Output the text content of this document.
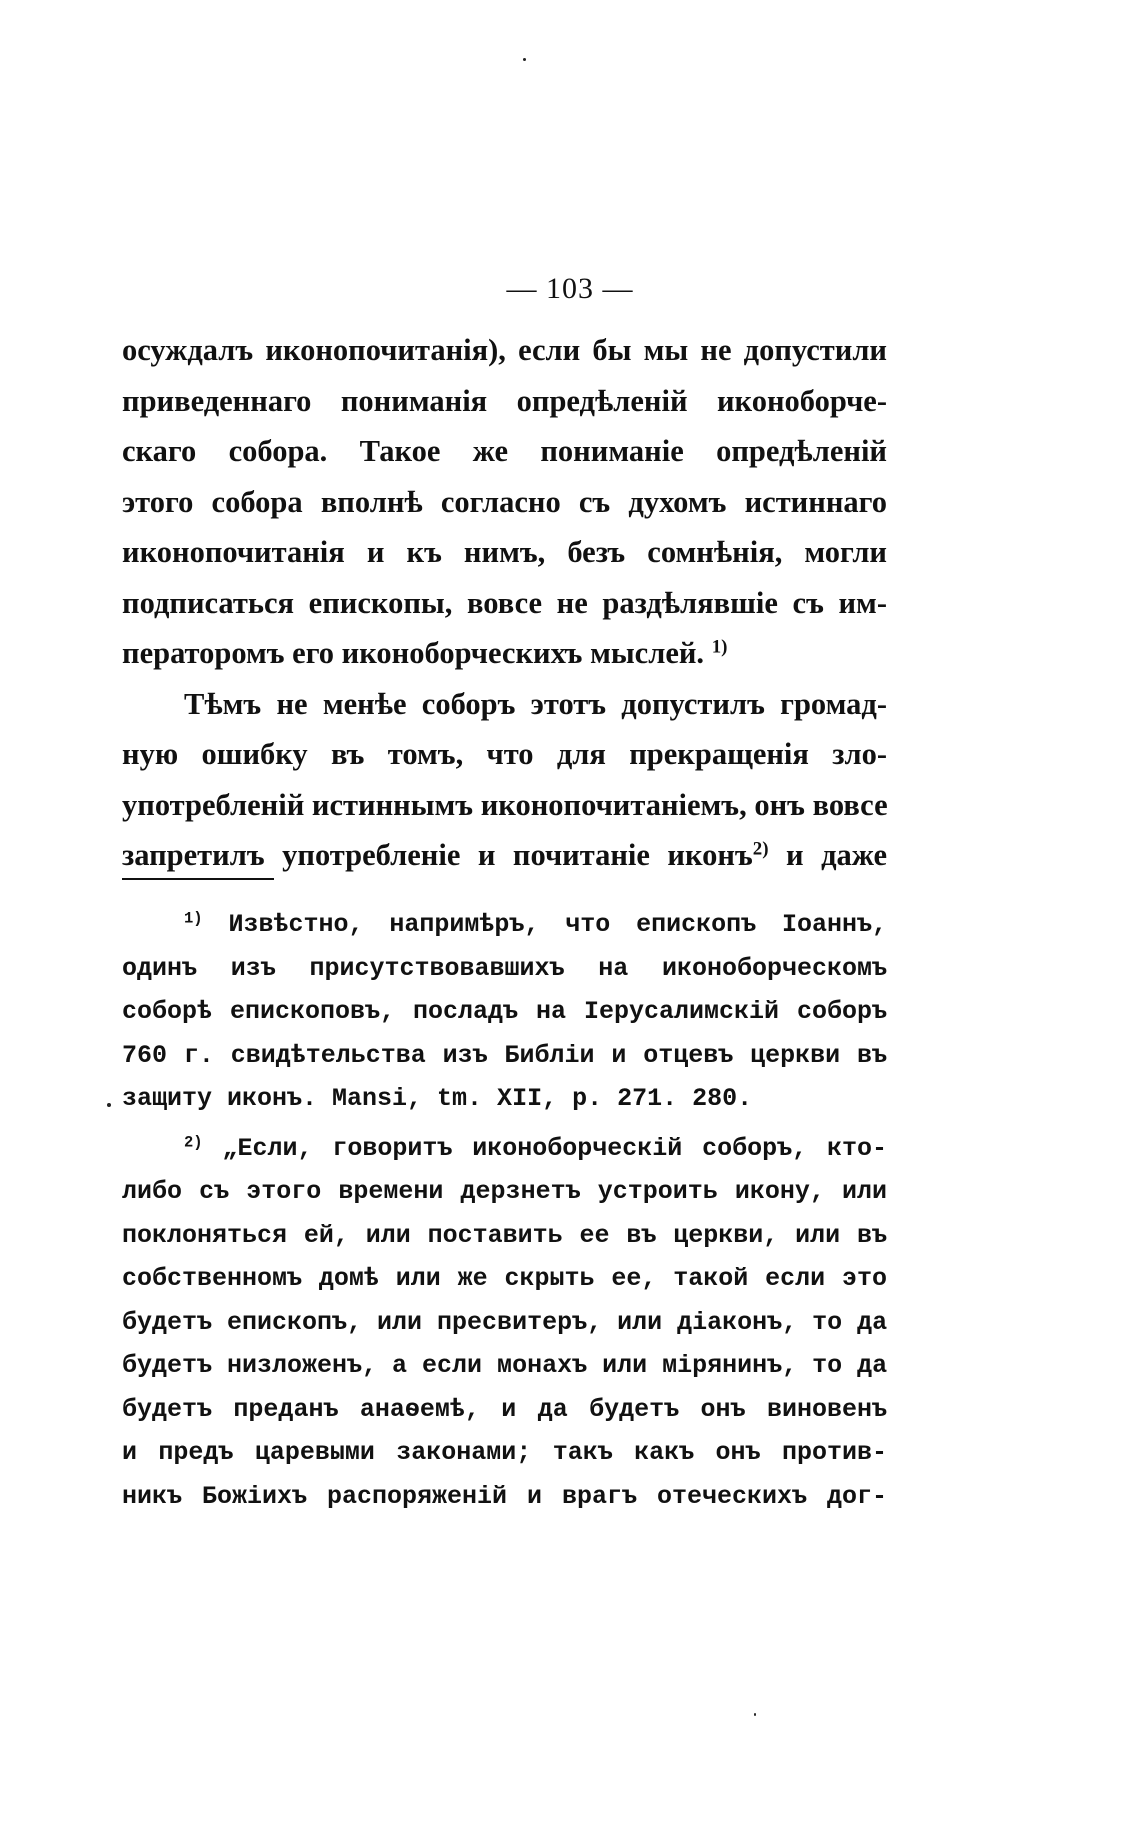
— 103 —
осуждалъ иконопочитанія), если бы мы не допустили
приведеннаго пониманія опредѣленій иконоборче-
скаго собора. Такое же пониманіе опредѣленій
этого собора вполнѣ согласно съ духомъ истиннаго
иконопочитанія и къ нимъ, безъ сомнѣнія, могли
подписаться епископы, вовсе не раздѣлявшіе съ им-
ператоромъ его иконоборческихъ мыслей. $^{1)}$
Тѣмъ не менѣе соборъ этотъ допустилъ громад-
ную ошибку въ томъ, что для прекращенія зло-
употребленій истиннымъ иконопочитаніемъ, онъ вовсе
запретилъ употребленіе и почитаніе иконъ$^{2)}$ и даже
$^{1)}$ Извѣстно, напримѣръ, что епископъ Іоаннъ,
одинъ изъ присутствовавшихъ на иконоборческомъ
соборѣ епископовъ, посладъ на Іерусалимскій соборъ
760 г. свидѣтельства изъ Библіи и отцевъ церкви въ
защиту иконъ. Mansi, tm. XII, p. 271. 280.
$^{2)}$ „Если, говоритъ иконоборческій соборъ, кто-
либо съ этого времени дерзнетъ устроить икону, или
поклоняться ей, или поставить ее въ церкви, или въ
собственномъ домѣ или же скрыть ее, такой если это
будетъ епископъ, или пресвитеръ, или діаконъ, то да
будетъ низложенъ, а если монахъ или мірянинъ, то да
будетъ преданъ анаѳемѣ, и да будетъ онъ виновенъ
и предъ царевыми законами; такъ какъ онъ против-
никъ Божіихъ распоряженій и врагъ отеческихъ дог-
